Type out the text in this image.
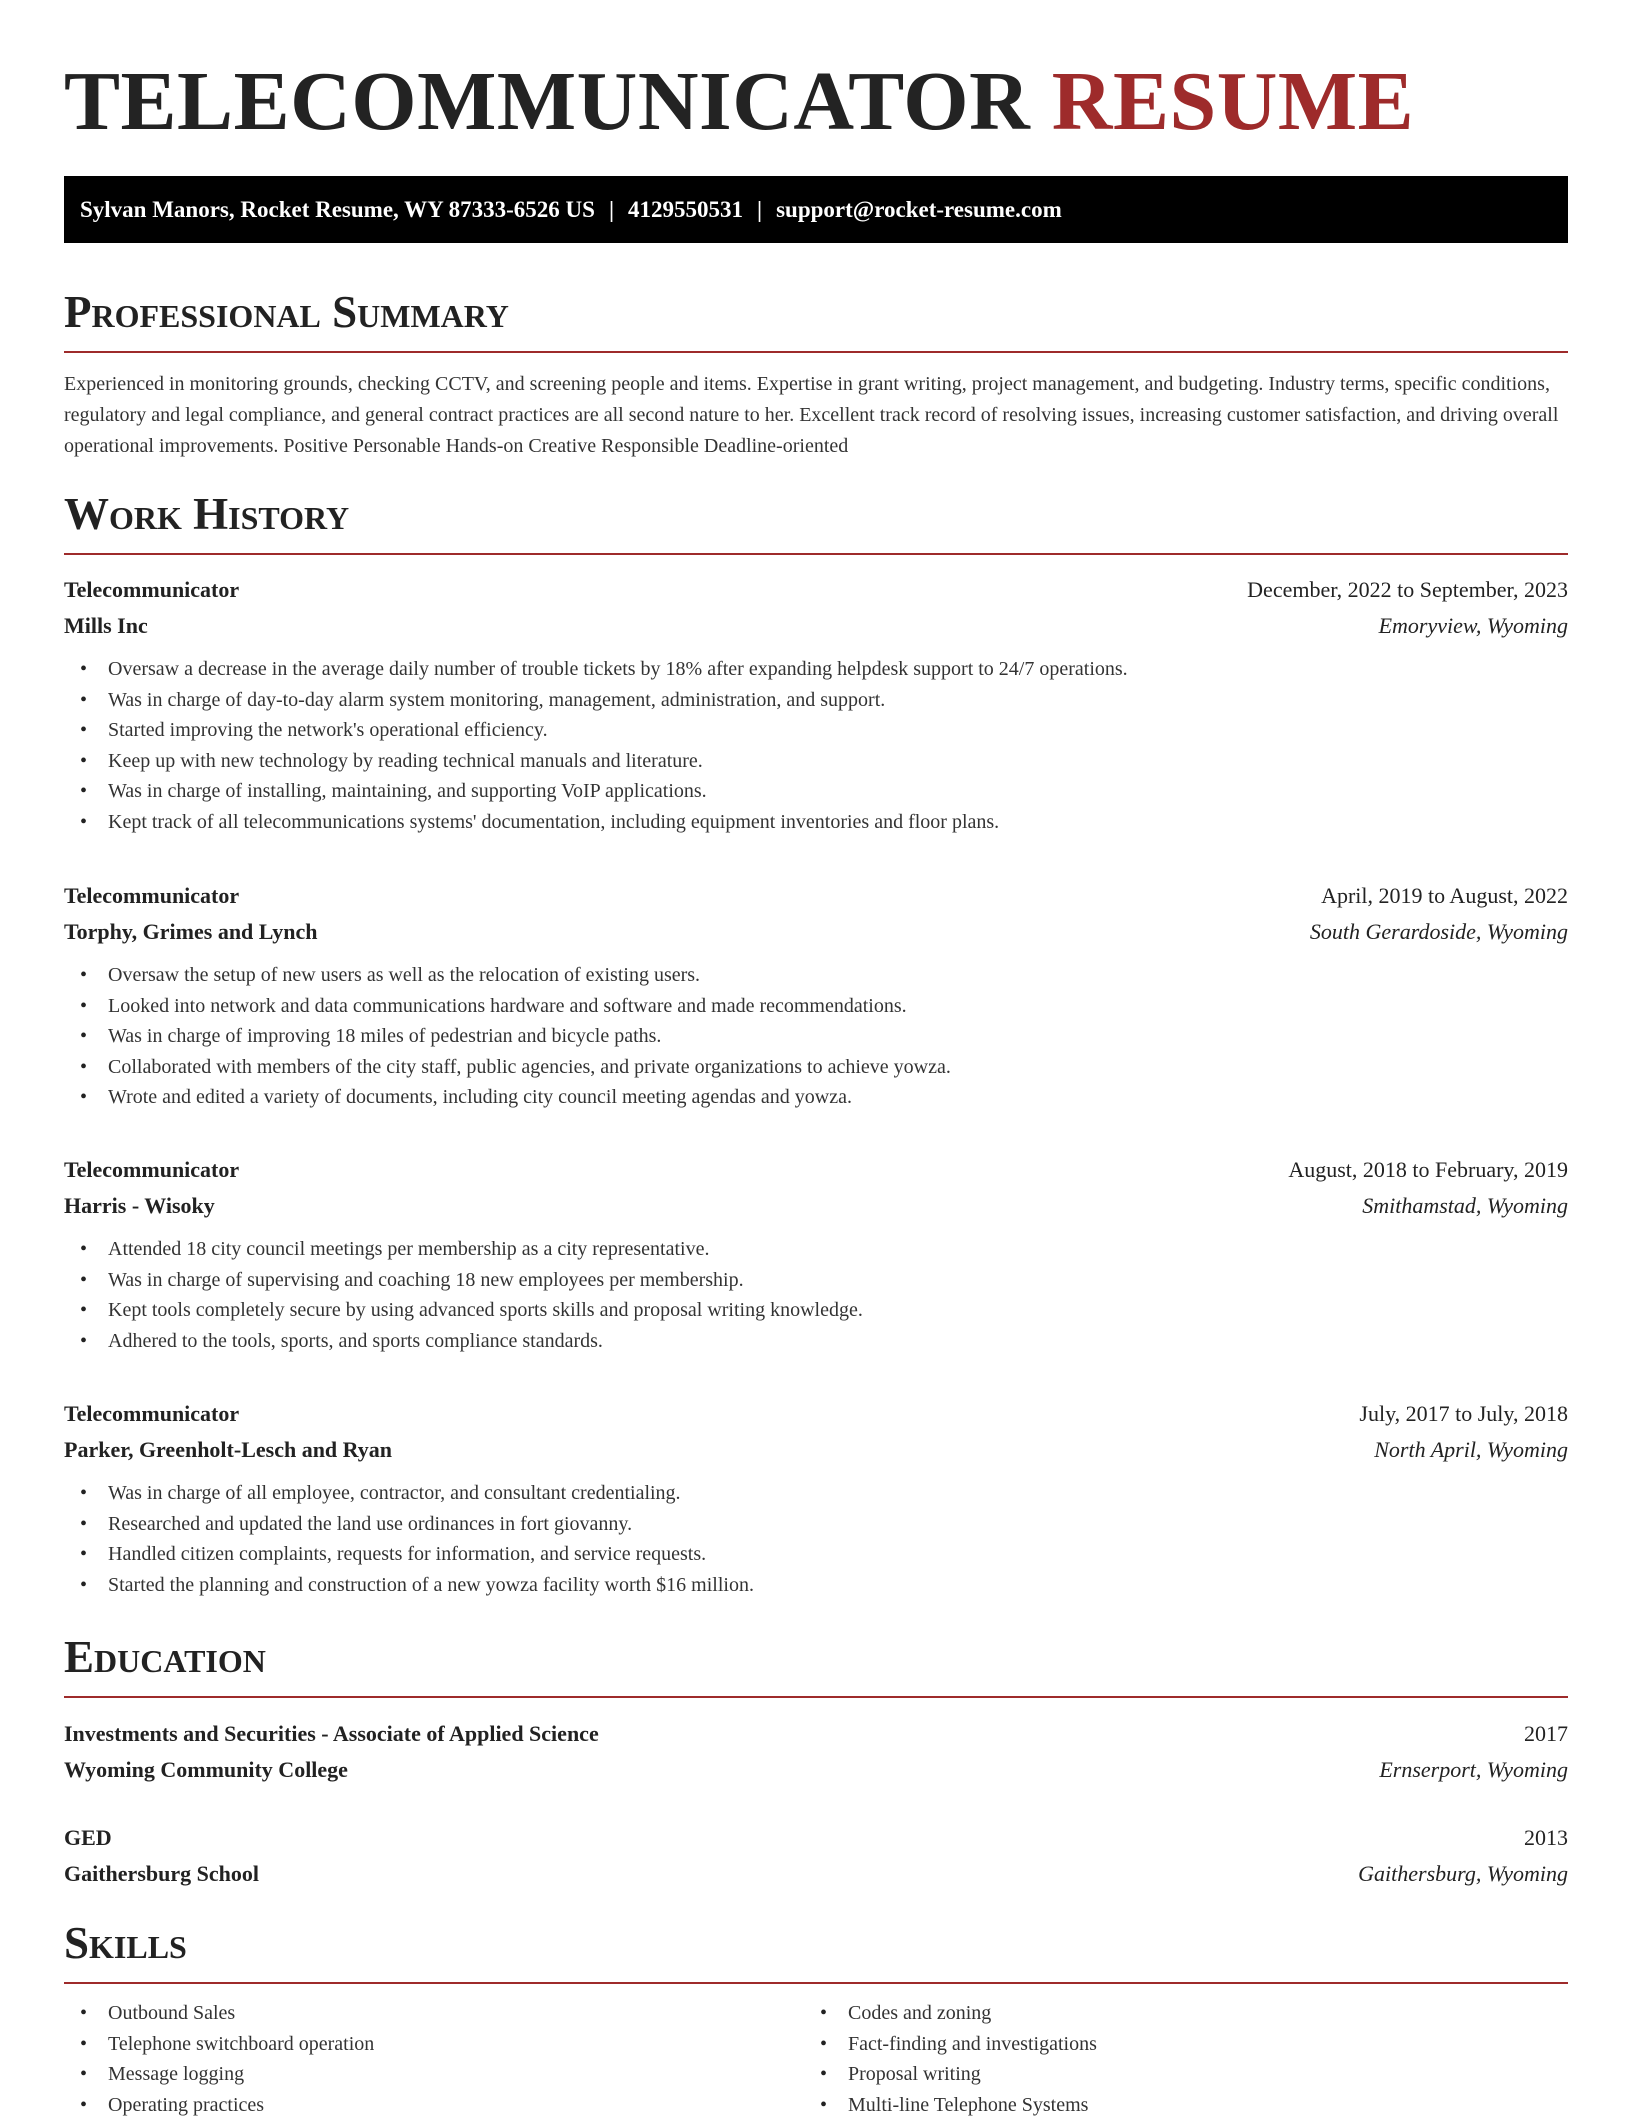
TELECOMMUNICATOR RESUME
Sylvan Manors, Rocket Resume, WY 87333-6526 US | 4129550531 | support@rocket-resume.com
Professional Summary

Experienced in monitoring grounds, checking CCTV, and screening people and items. Expertise in grant writing, project management, and budgeting. Industry terms, specific conditions, regulatory and legal compliance, and general contract practices are all second nature to her. Excellent track record of resolving issues, increasing customer satisfaction, and driving overall operational improvements. Positive Personable Hands-on Creative Responsible Deadline-oriented

Work History
Telecommunicator	December, 2022 to September, 2023
Mills Inc	Emoryview, Wyoming
• Oversaw a decrease in the average daily number of trouble tickets by 18% after expanding helpdesk support to 24/7 operations.
• Was in charge of day-to-day alarm system monitoring, management, administration, and support.
• Started improving the network's operational efficiency.
• Keep up with new technology by reading technical manuals and literature.
• Was in charge of installing, maintaining, and supporting VoIP applications.
• Kept track of all telecommunications systems' documentation, including equipment inventories and floor plans.
Telecommunicator	April, 2019 to August, 2022
Torphy, Grimes and Lynch	South Gerardoside, Wyoming
• Oversaw the setup of new users as well as the relocation of existing users.
• Looked into network and data communications hardware and software and made recommendations.
• Was in charge of improving 18 miles of pedestrian and bicycle paths.
• Collaborated with members of the city staff, public agencies, and private organizations to achieve yowza.
• Wrote and edited a variety of documents, including city council meeting agendas and yowza.
Telecommunicator	August, 2018 to February, 2019
Harris - Wisoky	Smithamstad, Wyoming
• Attended 18 city council meetings per membership as a city representative.
• Was in charge of supervising and coaching 18 new employees per membership.
• Kept tools completely secure by using advanced sports skills and proposal writing knowledge.
• Adhered to the tools, sports, and sports compliance standards.
Telecommunicator	July, 2017 to July, 2018
Parker, Greenholt-Lesch and Ryan	North April, Wyoming
• Was in charge of all employee, contractor, and consultant credentialing.
• Researched and updated the land use ordinances in fort giovanny.
• Handled citizen complaints, requests for information, and service requests.
• Started the planning and construction of a new yowza facility worth $16 million.
Education
Investments and Securities - Associate of Applied Science	2017
Wyoming Community College	Ernserport, Wyoming
GED	2013
Gaithersburg School	Gaithersburg, Wyoming
Skills
• Outbound Sales
• Telephone switchboard operation
• Message logging
• Operating practices
• Codes and zoning
• Fact-finding and investigations
• Proposal writing
• Multi-line Telephone Systems
